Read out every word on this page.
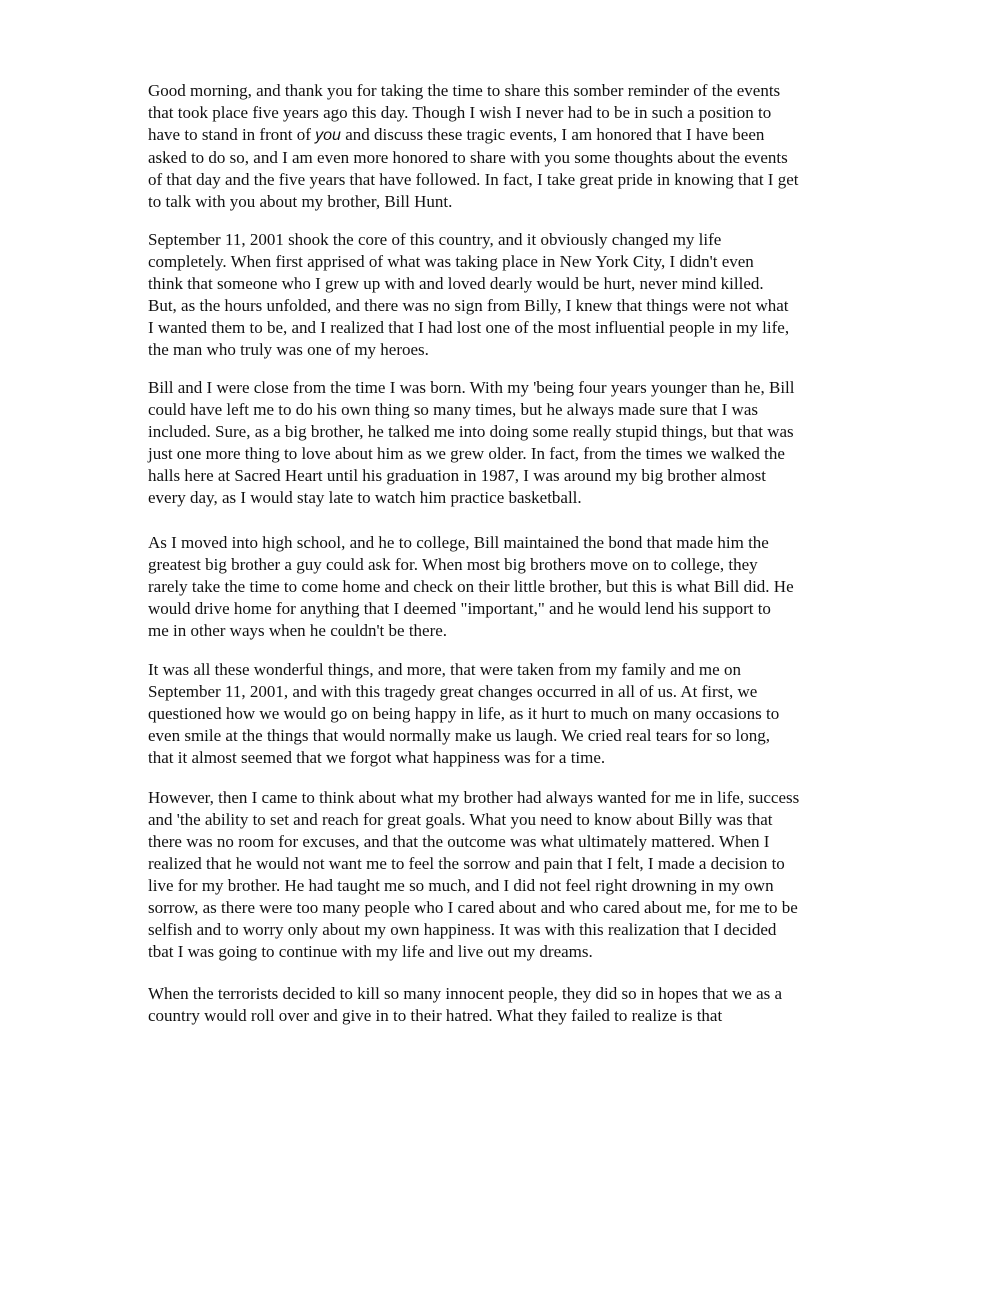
Good morning, and thank you for taking the time to share this somber reminder of the events
that took place five years ago this day. Though I wish I never had to be in such a position to
have to stand in front of you and discuss these tragic events, I am honored that I have been
asked to do so, and I am even more honored to share with you some thoughts about the events
of that day and the five years that have followed. In fact, I take great pride in knowing that I get
to talk with you about my brother, Bill Hunt.
September 11, 2001 shook the core of this country, and it obviously changed my life
completely. When first apprised of what was taking place in New York City, I didn't even
think that someone who I grew up with and loved dearly would be hurt, never mind killed.
But, as the hours unfolded, and there was no sign from Billy, I knew that things were not what
I wanted them to be, and I realized that I had lost one of the most influential people in my life,
the man who truly was one of my heroes.
Bill and I were close from the time I was born. With my 'being four years younger than he, Bill
could have left me to do his own thing so many times, but he always made sure that I was
included. Sure, as a big brother, he talked me into doing some really stupid things, but that was
just one more thing to love about him as we grew older. In fact, from the times we walked the
halls here at Sacred Heart until his graduation in 1987, I was around my big brother almost
every day, as I would stay late to watch him practice basketball.
As I moved into high school, and he to college, Bill maintained the bond that made him the
greatest big brother a guy could ask for. When most big brothers move on to college, they
rarely take the time to come home and check on their little brother, but this is what Bill did. He
would drive home for anything that I deemed "important," and he would lend his support to
me in other ways when he couldn't be there.
It was all these wonderful things, and more, that were taken from my family and me on
September 11, 2001, and with this tragedy great changes occurred in all of us. At first, we
questioned how we would go on being happy in life, as it hurt to much on many occasions to
even smile at the things that would normally make us laugh. We cried real tears for so long,
that it almost seemed that we forgot what happiness was for a time.
However, then I came to think about what my brother had always wanted for me in life, success
and 'the ability to set and reach for great goals. What you need to know about Billy was that
there was no room for excuses, and that the outcome was what ultimately mattered. When I
realized that he would not want me to feel the sorrow and pain that I felt, I made a decision to
live for my brother. He had taught me so much, and I did not feel right drowning in my own
sorrow, as there were too many people who I cared about and who cared about me, for me to be
selfish and to worry only about my own happiness. It was with this realization that I decided
tbat I was going to continue with my life and live out my dreams.
When the terrorists decided to kill so many innocent people, they did so in hopes that we as a
country would roll over and give in to their hatred. What they failed to realize is that
